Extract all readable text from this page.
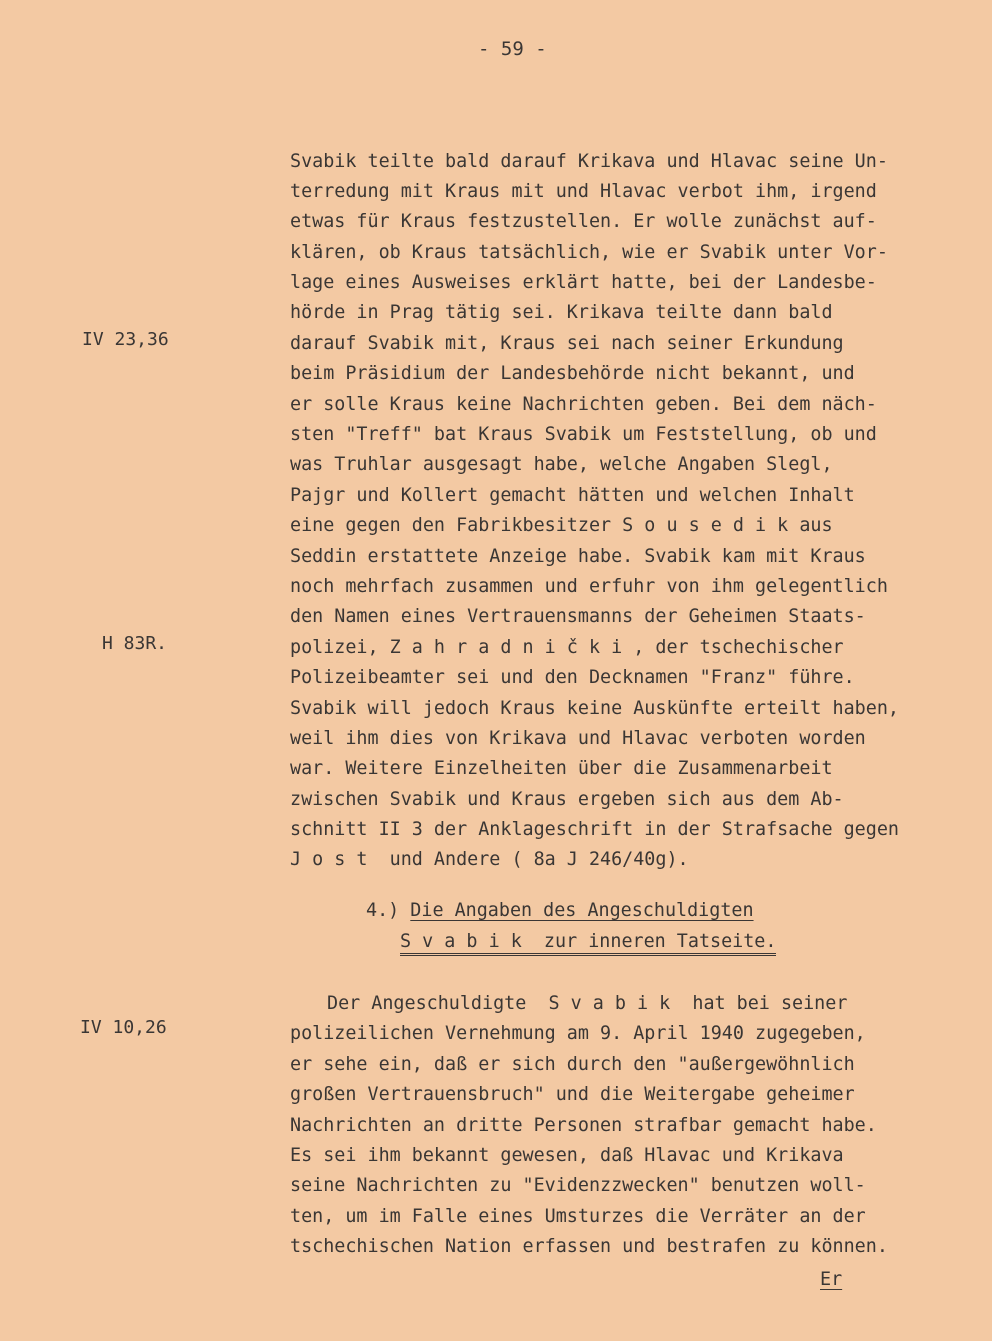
- 59 -
IV 23,36
H 83R.
IV 10,26
Svabik teilte bald darauf Krikava und Hlavac seine Un-
terredung mit Kraus mit und Hlavac verbot ihm, irgend
etwas für Kraus festzustellen. Er wolle zunächst auf-
klären, ob Kraus tatsächlich, wie er Svabik unter Vor-
lage eines Ausweises erklärt hatte, bei der Landesbe-
hörde in Prag tätig sei. Krikava teilte dann bald
darauf Svabik mit, Kraus sei nach seiner Erkundung
beim Präsidium der Landesbehörde nicht bekannt, und
er solle Kraus keine Nachrichten geben. Bei dem näch-
sten "Treff" bat Kraus Svabik um Feststellung, ob und
was Truhlar ausgesagt habe, welche Angaben Slegl,
Pajgr und Kollert gemacht hätten und welchen Inhalt
eine gegen den Fabrikbesitzer S o u s e d i k aus
Seddin erstattete Anzeige habe. Svabik kam mit Kraus
noch mehrfach zusammen und erfuhr von ihm gelegentlich
den Namen eines Vertrauensmanns der Geheimen Staats-
polizei, Z a h r a d n i č k i , der tschechischer
Polizeibeamter sei und den Decknamen "Franz" führe.
Svabik will jedoch Kraus keine Auskünfte erteilt haben,
weil ihm dies von Krikava und Hlavac verboten worden
war. Weitere Einzelheiten über die Zusammenarbeit
zwischen Svabik und Kraus ergeben sich aus dem Ab-
schnitt II 3 der Anklageschrift in der Strafsache gegen
J o s t  und Andere ( 8a J 246/40g).
4.) Die Angaben des Angeschuldigten
S v a b i k  zur inneren Tatseite.
Der Angeschuldigte  S v a b i k  hat bei seiner
polizeilichen Vernehmung am 9. April 1940 zugegeben,
er sehe ein, daß er sich durch den "außergewöhnlich
großen Vertrauensbruch" und die Weitergabe geheimer
Nachrichten an dritte Personen strafbar gemacht habe.
Es sei ihm bekannt gewesen, daß Hlavac und Krikava
seine Nachrichten zu "Evidenzzwecken" benutzen woll-
ten, um im Falle eines Umsturzes die Verräter an der
tschechischen Nation erfassen und bestrafen zu können.
Er
